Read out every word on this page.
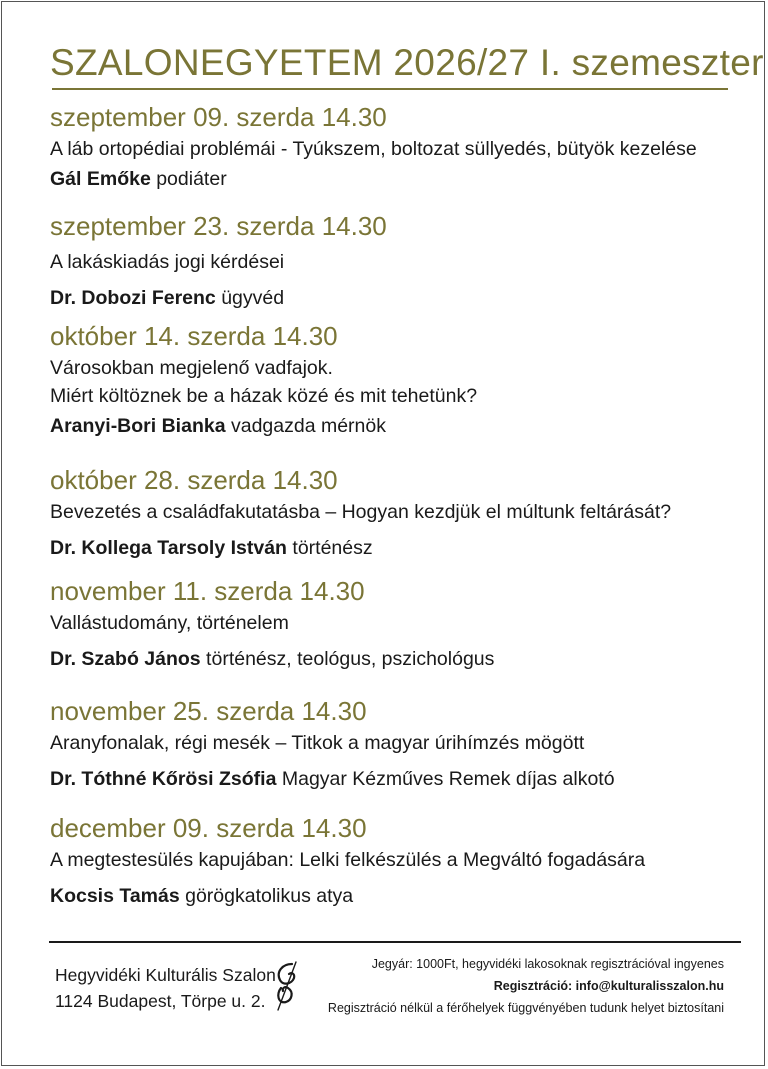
SZALONEGYETEM 2026/27 I. szemeszter
szeptember 09. szerda 14.30
A láb ortopédiai problémái - Tyúkszem, boltozat süllyedés, bütyök kezelése
Gál Emőke podiáter
szeptember 23. szerda 14.30
A lakáskiadás jogi kérdései
Dr. Dobozi Ferenc ügyvéd
október 14. szerda 14.30
Városokban megjelenő vadfajok.
Miért költöznek be a házak közé és mit tehetünk?
Aranyi-Bori Bianka vadgazda mérnök
október 28. szerda 14.30
Bevezetés a családfakutatásba – Hogyan kezdjük el múltunk feltárását?
Dr. Kollega Tarsoly István történész
november 11. szerda 14.30
Vallástudomány, történelem
Dr. Szabó János történész, teológus, pszichológus
november 25. szerda 14.30
Aranyfonalak, régi mesék – Titkok a magyar úrihímzés mögött
Dr. Tóthné Kőrösi Zsófia Magyar Kézműves Remek díjas alkotó
december 09. szerda 14.30
A megtestesülés kapujában: Lelki felkészülés a Megváltó fogadására
Kocsis Tamás görögkatolikus atya
Hegyvidéki Kulturális Szalon
1124 Budapest, Törpe u. 2.
Jegyár: 1000Ft, hegyvidéki lakosoknak regisztrációval ingyenes
Regisztráció: info@kulturalisszalon.hu
Regisztráció nélkül a férőhelyek függvényében tudunk helyet biztosítani
